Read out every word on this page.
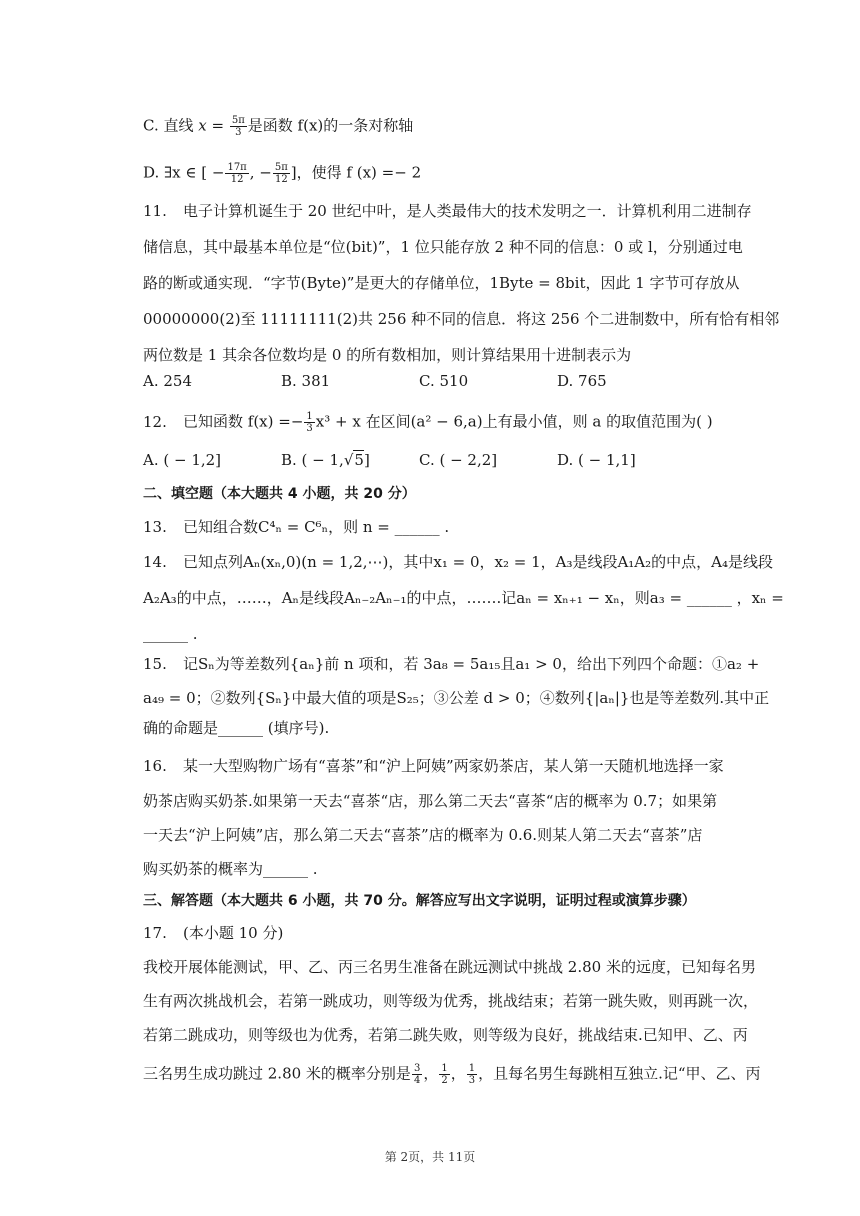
C. 直线 $x = \frac{5\pi}{3}$ 是函数 f(x)的一条对称轴
D. ∃x ∈ [ − $\frac{17\pi}{12}$ , − $\frac{5\pi}{12}$ ]，使得 f (x) =− 2
11. 电子计算机诞生于 20 世纪中叶，是人类最伟大的技术发明之一．计算机利用二进制存
储信息，其中最基本单位是“位(bit)”，1 位只能存放 2 种不同的信息：0 或 l，分别通过电
路的断或通实现．“字节(Byte)”是更大的存储单位，1Byte = 8bit，因此 1 字节可存放从
00000000(2)至 11111111(2)共 256 种不同的信息．将这 256 个二进制数中，所有恰有相邻
两位数是 1 其余各位数均是 0 的所有数相加，则计算结果用十进制表示为
A. 254	B. 381	C. 510	D. 765
12. 已知函数 $f(x) =- \frac{1}{3} x^3 + x$ 在区间(a² − 6,a)上有最小值，则 a 的取值范围为( )
A. ( − 1,2]	B. ( − 1,√5]	C. ( − 2,2]	D. ( − 1,1]
二、填空题（本大题共 4 小题，共 20 分）
13. 已知组合数C⁴ₙ = C⁶ₙ，则 n = ______ .
14. 已知点列Aₙ(xₙ,0)(n = 1,2,⋯)，其中x₁ = 0，x₂ = 1，A₃是线段A₁A₂的中点，A₄是线段
A₂A₃的中点，……，Aₙ是线段Aₙ₋₂Aₙ₋₁的中点，…….记aₙ = xₙ₊₁ − xₙ，则a₃ = ______ ，xₙ =
______ .
15. 记Sₙ为等差数列{aₙ}前 n 项和，若 3a₈ = 5a₁₅且a₁ > 0，给出下列四个命题：①a₂ +
a₄₉ = 0；②数列{Sₙ}中最大值的项是S₂₅；③公差 d > 0；④数列{|aₙ|}也是等差数列.其中正
确的命题是______ (填序号).
16. 某一大型购物广场有“喜茶”和“沪上阿姨”两家奶茶店，某人第一天随机地选择一家
奶茶店购买奶茶.如果第一天去“喜茶“店，那么第二天去“喜茶“店的概率为 0.7；如果第
一天去“沪上阿姨”店，那么第二天去“喜茶”店的概率为 0.6.则某人第二天去“喜茶”店
购买奶茶的概率为______ .
三、解答题（本大题共 6 小题，共 70 分。解答应写出文字说明，证明过程或演算步骤）
17. (本小题 10 分)
我校开展体能测试，甲、乙、丙三名男生准备在跳远测试中挑战 2.80 米的远度，已知每名男
生有两次挑战机会，若第一跳成功，则等级为优秀，挑战结束；若第一跳失败，则再跳一次，
若第二跳成功，则等级也为优秀，若第二跳失败，则等级为良好，挑战结束.已知甲、乙、丙
三名男生成功跳过 2.80 米的概率分别是 $\frac{3}{4}$ ， $\frac{1}{2}$ ， $\frac{1}{3}$ ，且每名男生每跳相互独立.记“甲、乙、丙
第 2页，共 11页
